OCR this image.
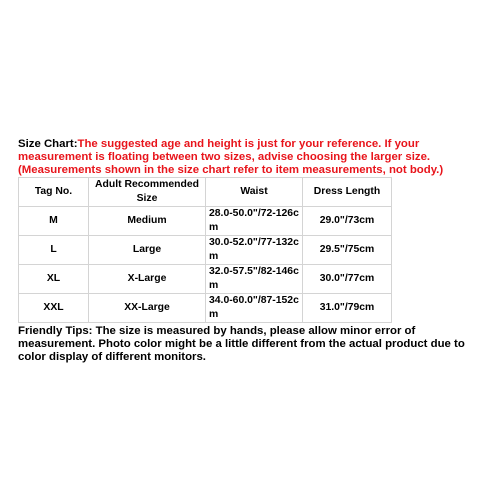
Size Chart:The suggested age and height is just for your reference. If your measurement is floating between two sizes, advise choosing the larger size. (Measurements shown in the size chart refer to item measurements, not body.)
Tag No.	Adult Recommended Size	Waist	Dress Length
M	Medium	28.0-50.0"/72-126cm	29.0"/73cm
L	Large	30.0-52.0"/77-132cm	29.5"/75cm
XL	X-Large	32.0-57.5"/82-146cm	30.0"/77cm
XXL	XX-Large	34.0-60.0"/87-152cm	31.0"/79cm
Friendly Tips: The size is measured by hands, please allow minor error of measurement. Photo color might be a little different from the actual product due to color display of different monitors.
